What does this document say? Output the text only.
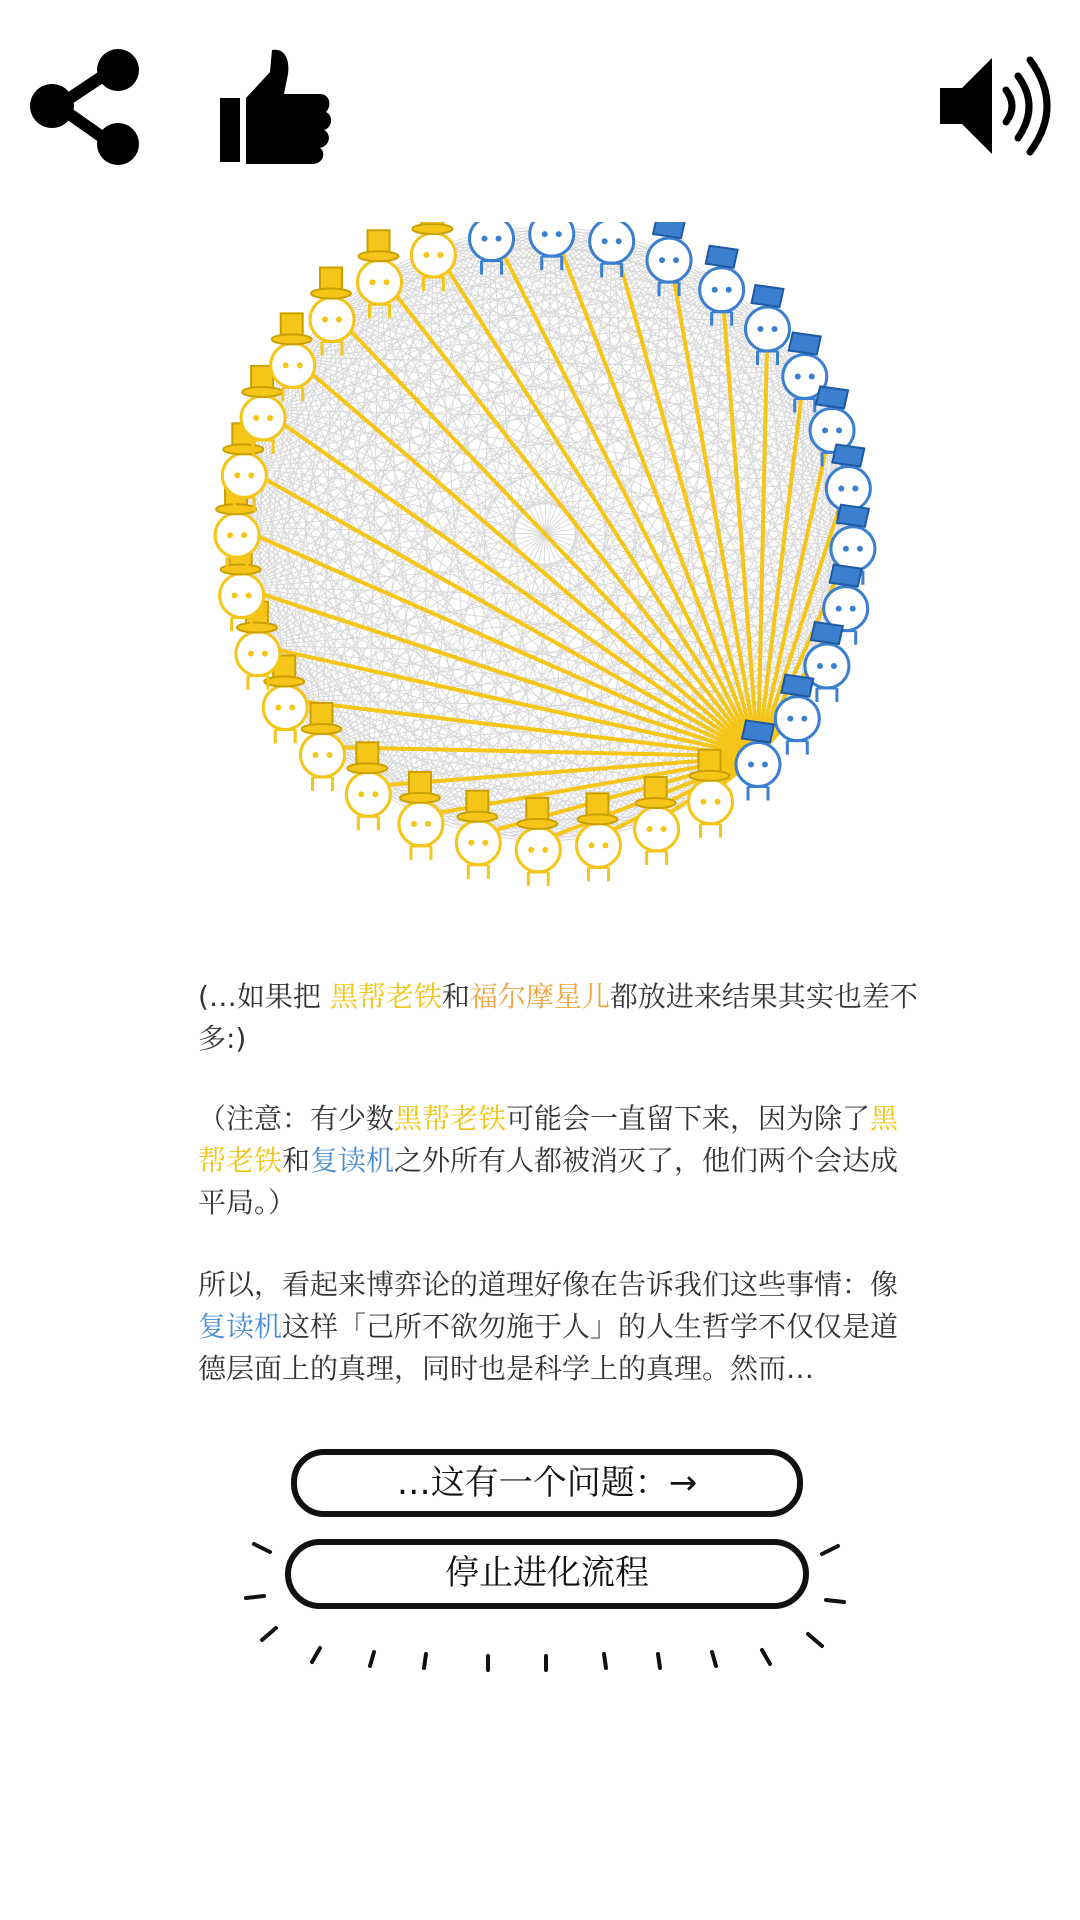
(…如果把 黑帮老铁和福尔摩星儿都放进来结果其实也差不多:)
（注意：有少数黑帮老铁可能会一直留下来，因为除了黑帮老铁和复读机之外所有人都被消灭了，他们两个会达成平局。）
所以，看起来博弈论的道理好像在告诉我们这些事情：像复读机这样「己所不欲勿施于人」的人生哲学不仅仅是道德层面上的真理，同时也是科学上的真理。然而…
…这有一个问题：→
停止进化流程
